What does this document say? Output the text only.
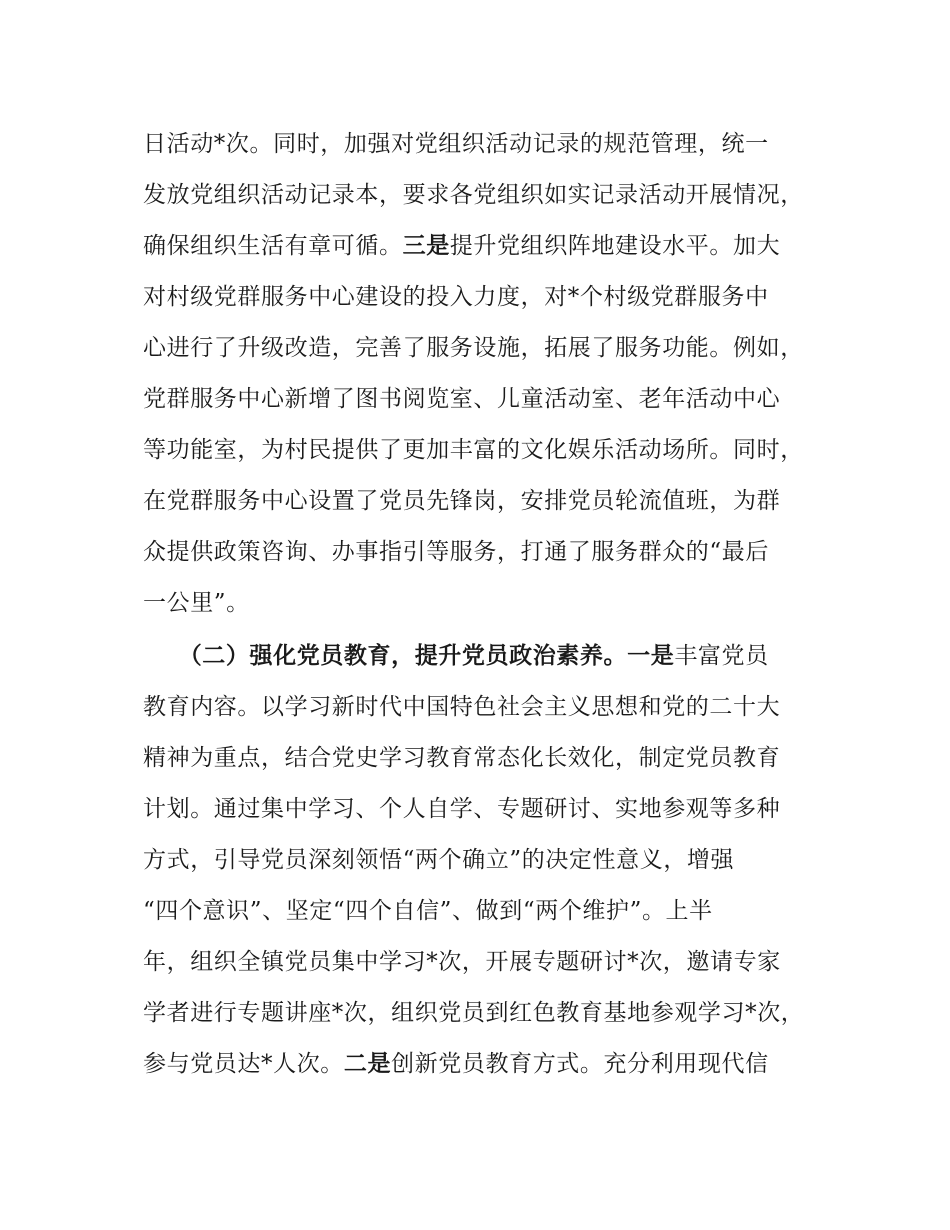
日活动*次。同时，加强对党组织活动记录的规范管理，统一
发放党组织活动记录本，要求各党组织如实记录活动开展情况，
确保组织生活有章可循。三是提升党组织阵地建设水平。加大
对村级党群服务中心建设的投入力度，对*个村级党群服务中
心进行了升级改造，完善了服务设施，拓展了服务功能。例如，
党群服务中心新增了图书阅览室、儿童活动室、老年活动中心
等功能室，为村民提供了更加丰富的文化娱乐活动场所。同时，
在党群服务中心设置了党员先锋岗，安排党员轮流值班，为群
众提供政策咨询、办事指引等服务，打通了服务群众的“最后
一公里”。
　　（二）强化党员教育，提升党员政治素养。一是丰富党员
教育内容。以学习新时代中国特色社会主义思想和党的二十大
精神为重点，结合党史学习教育常态化长效化，制定党员教育
计划。通过集中学习、个人自学、专题研讨、实地参观等多种
方式，引导党员深刻领悟“两个确立”的决定性意义，增强
“四个意识”、坚定“四个自信”、做到“两个维护”。上半
年，组织全镇党员集中学习*次，开展专题研讨*次，邀请专家
学者进行专题讲座*次，组织党员到红色教育基地参观学习*次，
参与党员达*人次。二是创新党员教育方式。充分利用现代信
